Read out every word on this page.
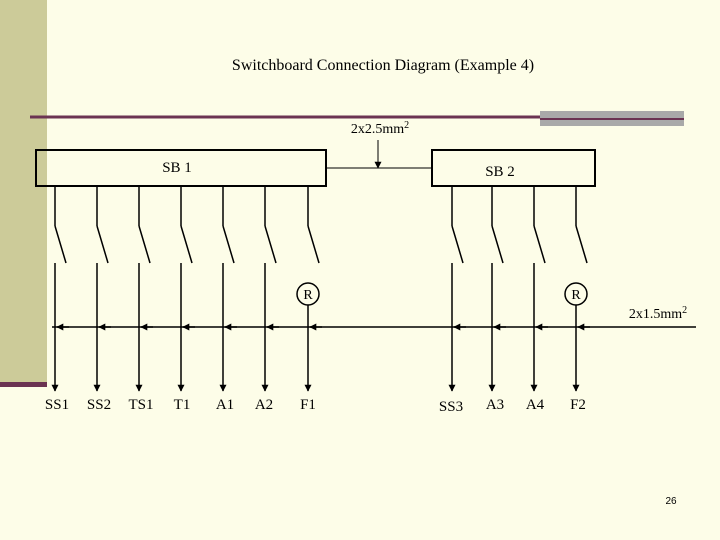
Switchboard Connection Diagram (Example 4)
$2x2.5mm^2$
SB 1	SB 2
$2x1.5mm^2$
R	R
SS1 SS2 TS1 T1 A1 A2 F1	SS3 A3 A4 F2
26
